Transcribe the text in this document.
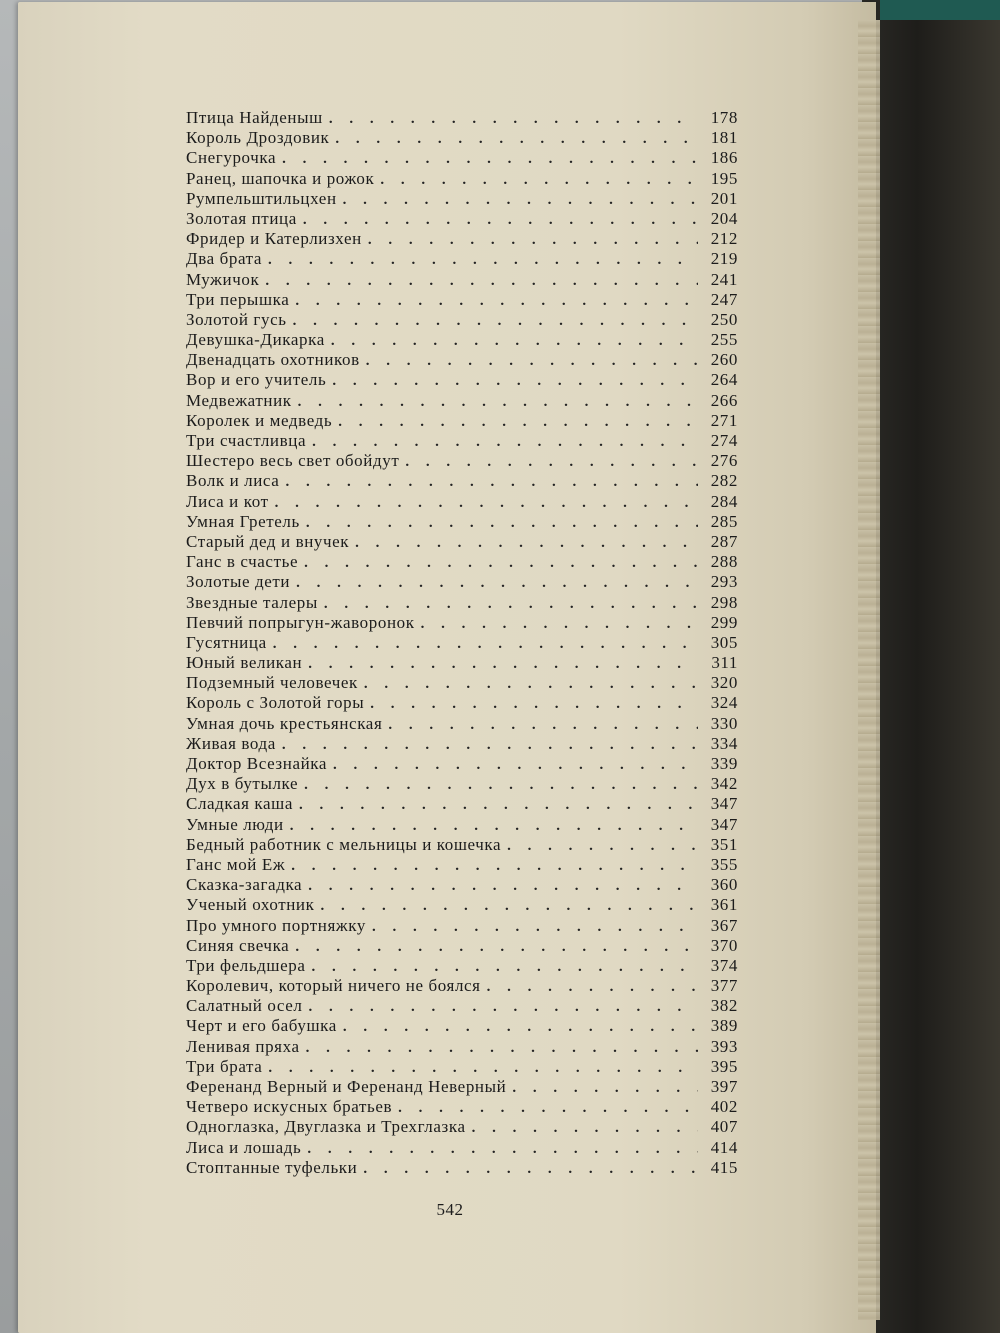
Птица Найденыш . . .	178
Король Дроздовик . . .	181
Снегурочка . . .	186
Ранец, шапочка и рожок . . .	195
Румпельштильцхен . . .	201
Золотая птица . . .	204
Фридер и Катерлизхен . . .	212
Два брата . . .	219
Мужичок . . .	241
Три перышка . . .	247
Золотой гусь . . .	250
Девушка-Дикарка . . .	255
Двенадцать охотников . . .	260
Вор и его учитель . . .	264
Медвежатник . . .	266
Королек и медведь . . .	271
Три счастливца . . .	274
Шестеро весь свет обойдут . . .	276
Волк и лиса . . .	282
Лиса и кот . . .	284
Умная Гретель . . .	285
Старый дед и внучек . . .	287
Ганс в счастье . . .	288
Золотые дети . . .	293
Звездные талеры . . .	298
Певчий попрыгун-жаворонок . . .	299
Гусятница . . .	305
Юный великан . . .	311
Подземный человечек . . .	320
Король с Золотой горы . . .	324
Умная дочь крестьянская . . .	330
Живая вода . . .	334
Доктор Всезнайка . . .	339
Дух в бутылке . . .	342
Сладкая каша . . .	347
Умные люди . . .	347
Бедный работник с мельницы и кошечка . . .	351
Ганс мой Еж . . .	355
Сказка-загадка . . .	360
Ученый охотник . . .	361
Про умного портняжку . . .	367
Синяя свечка . . .	370
Три фельдшера . . .	374
Королевич, который ничего не боялся . . .	377
Салатный осел . . .	382
Черт и его бабушка . . .	389
Ленивая пряха . . .	393
Три брата . . .	395
Ференанд Верный и Ференанд Неверный . . .	397
Четверо искусных братьев . . .	402
Одноглазка, Двуглазка и Трехглазка . . .	407
Лиса и лошадь . . .	414
Стоптанные туфельки . . .	415
542
